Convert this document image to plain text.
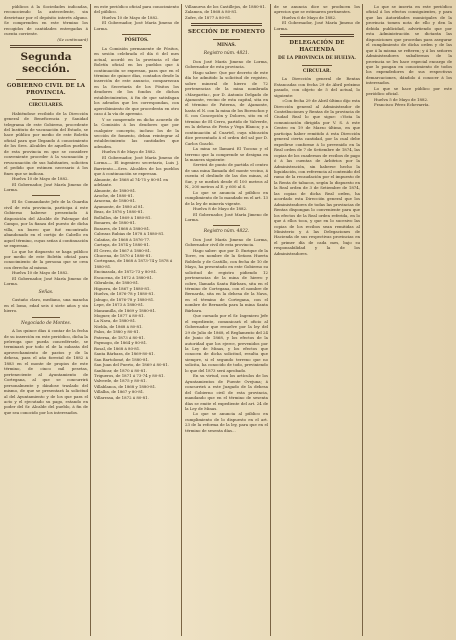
públicos á la Sociedades indicadas, reconociendo la antecedente, sin desvirtuar por el depósito interés alguno. Se comprenden en este término los recogidos de cantidades entregadas á cuenta corriente.

(Se continuará)

Segunda sección.
GOBIERNO CIVIL DE LA PROVINCIA.
CIRCULARES.

Habiéndose recibido de la Dirección general de Beneficencia y Sanidad telegrama de este Gobierno, procedente del Instituto de vacunación del Estado, se hace público por medio de este Boletín oficial para que llegando á conocimiento de los Sres. Alcaldes de aquellos pueblos de esta provincia en que se considere conveniente proceder á la vacunación y revacunación de sus habitantes, soliciten el pedido que estimen necesario á los fines que se indican.

Huelva 10 de Mayo de 1882.

El Gobernador, José María Jimeno de Lorma.

El Sr. Comandante Jefe de la Guardia civil de esta provincia, participa á este Gobierno haberse presentado á disposición del Alcalde de Palenque del Campo, por la fianza del puesto de dicha villa, un burro que fué encontrado abandonado en el cortijo de Cabello en aquel término, cuyas señas á continuación se expresan.

Lo que he dispuesto se haga público por medio de este Boletín oficial para conocimiento de la persona que se crea con derecho al mismo.

Huelva 10 de Mayo de 1882.

El Gobernador, José María Jimeno de Lorma.

Señas.

Castaño claro, mediano, una mancha en el lomo, edad seis ó siete años y sin hierro.

Negociado de Montes.

A los quince días á contar de la fecha de su inserción en este periódico, dicha la prórroga que pueda concedérsele, se terminará por todo el de la subasta del aprovechamiento de pastos y de la dehesa, para el año forestal de 1882 á 1883 en el monte de propios de este término, de cinco mil pesetas, perteneciente al Ayuntamiento de Cortegana, al que se concurrirá personalmente y dándose traslado del mismo, de que se presentará la solicitud al del Ayuntamiento y de los que para el acto y el ejecutado su pago, estando en poder del Sr. Alcalde del pueblo, á fin de que sea conocido por los interesados.

en este periódico oficial para conocimiento del público.

Huelva 10 de Mayo de 1882.

El Gobernador, José María Jimeno de Lorma.

PÓSITOS.

La Comisión permanente de Pósitos, en sesión celebrada el día 6 del mes actual, acordó en la provincia el dar Boletín oficial en los pueblos que á continuación se expresan, para que en el término de quince días, contados desde la inserción de este anuncio, comparezcan en la Secretaría de los Pósitos los deudores de los fondos de dichos establecimientos, á fin de que satisfagan los adeudos que les correspondan, con apercibimiento de que procederán en otro caso á la vía de apremio.

Y se comprende en dicho acuerdo de la Comisión á los deudores que por cualquier concepto, incluso los de la sección de fomento, deban reintegrar al establecimiento las cantidades que adeuden.

Huelva 8 de Mayo de 1882.

El Gobernador, José María Jimeno de Lorma.— El ingeniero secretario, Luis J. Barriento.—Sres. Alcaldes de los pueblos que á continuación se expresan.

Almonte, de 1868 al 74-75 y 80-81 en adelante.
Almonte, de 1880-81.
Aroche, de 1880-81.
Aracena, de 1880-81.
Ayamonte, de 1880 al 81.
Beas, de 1876 y 1880-81.
Bollullos, de 1869 á 1880-81.
Bonares, de 1880-81.
Bozares, de 1868 á 1880-81.
Cabezas Rubias de 1878 á 1880-81.
Calañas, de 1868 á 1876-77.
Cartaya, de 1874 y 1880-81.
El Cerro, de 1867 á 1880-81.
Chucena, de 1870 á 1880-81.
Cortegana, de 1868 á 1873-74 y 1878 á 1880-81.
Encinasola, de 1872-73 y 80-81.
Escacena, de 1872 á 1880-81.
Gibraleón, de 1880-81.
Higuera, de 1867 y 1880-81.
Huelva, de 1876-78 y 1880-81.
Jabugo, de 1876-78 y 1880-81.
Lepe, de 1873 á 1880-81.
Manzanilla, de 1869 y 1880-81.
Moguer, de 1877 á 80-81.
La Nava, de 1880-81.
Niebla, de 1868 á 80-81.
Palos, de 1880 y 80-81.
Paterna, de 1873 á 80-81.
Paymogo, de 1864 y 80-81.
Rosal, de 1868 á 80-81.
Santa Bárbara, de 1869-80-81.
San Bartolomé, de 1880-81.
San Juan del Puerto, de 1869 á 80-81.
Sanlúcar, de 1870 á 80-81.
Trigueros, de 1871 á 73-74 y 80-81.
Valverde, de 1875 y 80-81.
Villablanca, de 1868 y 1880-81.
Villalba, de 1867 y 80-81.
Villarrasa, de 1872 á 80-81.

Villanueva de los Castillejos, de 1880-81.

Zalamea, de 1868 á 80-81.

Zufre, de 1877 á 80-81.

SECCIÓN DE FOMENTO
MINAS.
Registro núm. 4821.

Don José María Jimeno de Lorma, Gobernador de esta provincia.

Hago saber: Que por decreto de este día he admitido la solicitud de registro, sobre mineral de hierro de 72 pertenencias de la mina nombrada «Margarita», por D. Antonio Delgado de Ajamonte, vecino de esta capital, sita en el término de Paterna, de Ajamonte, hasta el N. con la mina de los Borrachos y S. con Concepción y Dolores, sito en el término de El Cerro, partido de Valverde, en la dehesa de Feria y Vega Blanca; y a continuación al Cuartel, cuya ubicación dice presentado á el orden del sal por D. Carlos Goachi.

La mina se llamará El Tocono y el terreno que la comprende se designa en la manera siguiente:

Servirá de punto de partida el centro de una mina llamada del monte vecino, á cuenta el deslinde de las dos minas, al Sur, y se medirá desde él 100 metros al N., 200 metros al E. y 600 al S.

Lo que se anuncia al público en cumplimiento de lo mandado en el art. 13 de la ley de minería vigente.

Huelva 8 de Mayo de 1882.

El Gobernador, José María Jimeno de Lorma.

Registro núm. 4822.

Don José María Jimeno de Lorma, Gobernador civil de esta provincia.

Hago saber: que por D. Enrique de la Torre, en nombre de la Señora Huerta Robledo y de Castillo, con fecha de 10 de Mayo, ha presentado en este Gobierno su solicitud de registro pidiendo 12 pertenencias de la mina de hierro y cobre, llamada Santa Bárbara, sita en el término de Cortegana, con el nombre de Bernarda, sita en la dehesa de la Nava, en el término de Cortegana, con el nombre de Bernarda para la mina Santa Bárbara.

Que cursado por el Sr. Ingeniero Jefe el expediente, comunicará el oficio al Gobernador que resuelve por la ley del 29 de Julio de 1868, el Reglamento del 24 de Junio de 1868, y los efectos de la autoridad que los ejerce, prevenidos por la Ley de Minas, y los efectos que conocen de dicha solicitud, resulta que siempre, si el segundo terreno que no solicita, ha conocido de todo, previniendo lo que del 1873 será aprobado.

En su virtud, con los artículos de los Ayuntamientos de Fuente Ovejuna; á concurrirá a este Juzgado de la dehesa del Gobierno civil de esta provincia, mandando que en el término de sesenta días se emite el expediente del art. 24 de la Ley de Minas.

Lo que se anuncia al público en cumplimiento de lo dispuesto en el art. 23 de la reforma de la ley, para que en el término de sesenta días...

de se anuncia dice se producen los aprecios que se estimaren pertinentes.

Huelva 6 de Mayo de 1882.

El Gobernador, José María Jimeno de Lorma.

DELEGACIÓN DE HACIENDA
DE LA PROVINCIA DE HUELVA.
CIRCULAR.

La Dirección general de Rentas Estancadas con fecha 29 de Abril próximo pasado, con objeto de 5 del actual, lo siguiente:

«Con fecha 29 de Abril último dijo esta Dirección general al Administrador de Contribuciones y Rentas de la provincia de Ciudad Real lo que sigue: «Vista la comunicación dirigida por V. S. á este Centro en 19 de Marzo último, en que participa haber remitido á esta Dirección general cierta cantidad, por la cual debe expedirse conforme á lo prevenido en la Real orden de 7 de Setiembre de 1874, las copias de los cuadernos de recibos de pago ó á las cuentas de Arbitrios por la Administración, sin haberse hecho la liquidación, con referencia al contenido del ramo de la recaudación por el impuesto de la Renta de tabacos, según lo dispuesto en la Real orden de 3 de Setiembre de 1874, las copias de dicha Real orden, ha acordado esta Dirección general que los Administradores de todas las provincias de Rentas dispongan lo conveniente para que los efectos de la Real orden referida, en lo que á ellos toca, y que en lo sucesivo las copias de los recibos sean remitidas al Ministerio y á las Delegaciones de Hacienda de sus respectivas provincias en el primer día de cada mes, bajo su responsabilidad y la de los Administradores.

Lo que se inserta en este periódico oficial á los efectos consiguientes, y para que las Autoridades municipales de la provincia tomen nota de ello y den la debida publicidad, advirtiendo que por esta Administración se dictarán las disposiciones que procedan para asegurar el cumplimiento de dicha orden y de las que á la misma se refieren; y á los señores Administradores subalternos de la provincia se les hace especial encargo de que lo pongan en conocimiento de todos los expendedores de sus respectivas demarcaciones, dándolo á conocer á los interesados.

Lo que se hace público por este periódico oficial.

Huelva 5 de Mayo de 1882.

Francisco Pérez Echevarría.
